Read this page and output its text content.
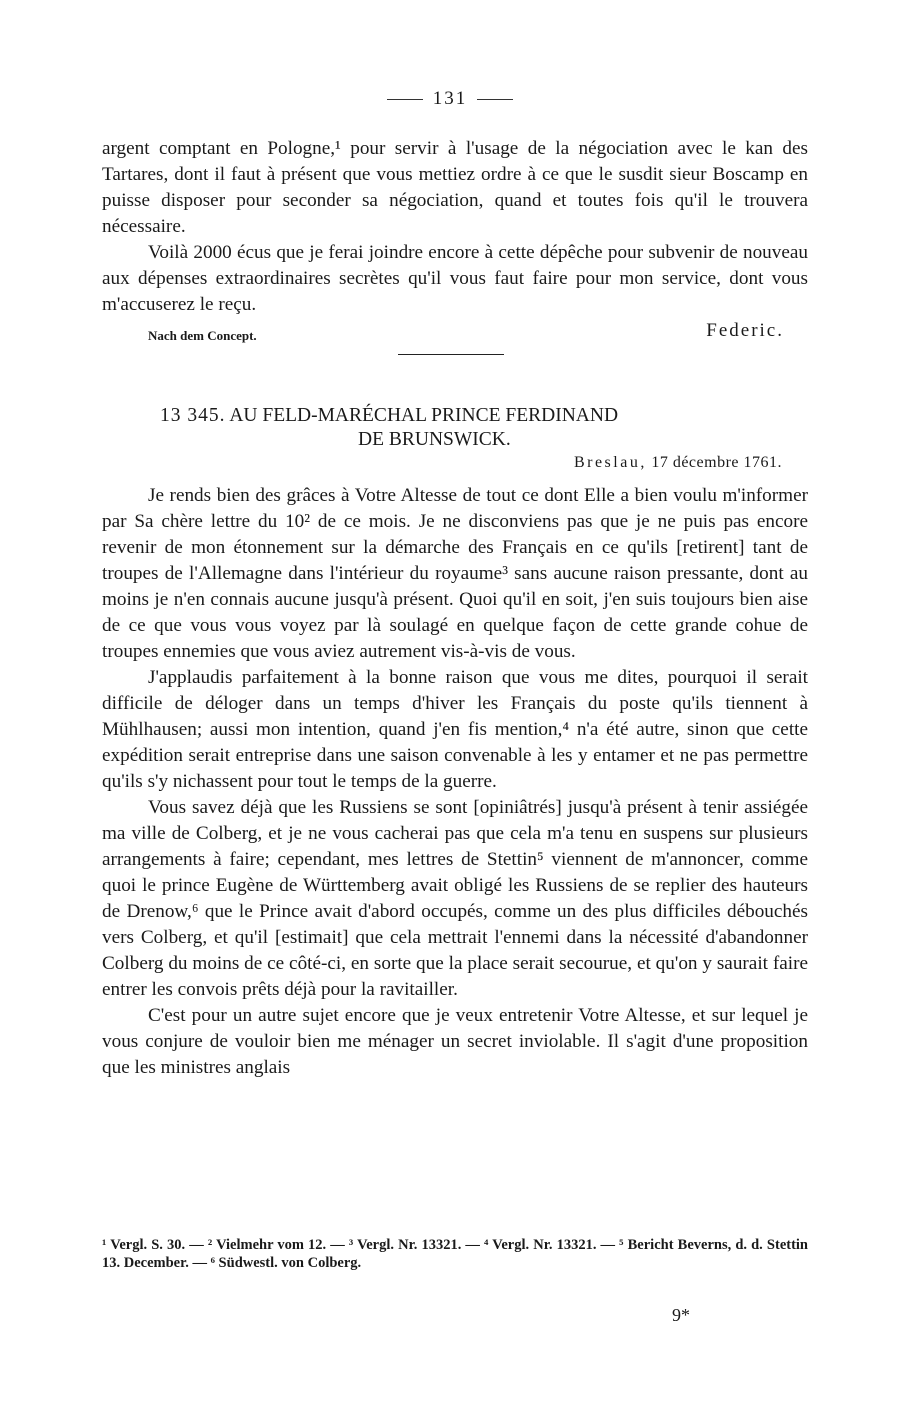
131

argent comptant en Pologne,¹ pour servir à l'usage de la négociation avec le kan des Tartares, dont il faut à présent que vous mettiez ordre à ce que le susdit sieur Boscamp en puisse disposer pour seconder sa négociation, quand et toutes fois qu'il le trouvera nécessaire.

Voilà 2000 écus que je ferai joindre encore à cette dépêche pour subvenir de nouveau aux dépenses extraordinaires secrètes qu'il vous faut faire pour mon service, dont vous m'accuserez le reçu.

Nach dem Concept.	Federic.
13 345. AU FELD-MARÉCHAL PRINCE FERDINAND
DE BRUNSWICK.
Breslau, 17 décembre 1761.

Je rends bien des grâces à Votre Altesse de tout ce dont Elle a bien voulu m'informer par Sa chère lettre du 10² de ce mois. Je ne disconviens pas que je ne puis pas encore revenir de mon étonnement sur la démarche des Français en ce qu'ils [retirent] tant de troupes de l'Allemagne dans l'intérieur du royaume³ sans aucune raison pressante, dont au moins je n'en connais aucune jusqu'à présent. Quoi qu'il en soit, j'en suis toujours bien aise de ce que vous vous voyez par là soulagé en quelque façon de cette grande cohue de troupes ennemies que vous aviez autrement vis-à-vis de vous.

J'applaudis parfaitement à la bonne raison que vous me dites, pourquoi il serait difficile de déloger dans un temps d'hiver les Français du poste qu'ils tiennent à Mühlhausen; aussi mon intention, quand j'en fis mention,⁴ n'a été autre, sinon que cette expédition serait entreprise dans une saison convenable à les y entamer et ne pas permettre qu'ils s'y nichassent pour tout le temps de la guerre.

Vous savez déjà que les Russiens se sont [opiniâtrés] jusqu'à présent à tenir assiégée ma ville de Colberg, et je ne vous cacherai pas que cela m'a tenu en suspens sur plusieurs arrangements à faire; cependant, mes lettres de Stettin⁵ viennent de m'annoncer, comme quoi le prince Eugène de Württemberg avait obligé les Russiens de se replier des hauteurs de Drenow,⁶ que le Prince avait d'abord occupés, comme un des plus difficiles débouchés vers Colberg, et qu'il [estimait] que cela mettrait l'ennemi dans la nécessité d'abandonner Colberg du moins de ce côté-ci, en sorte que la place serait secourue, et qu'on y saurait faire entrer les convois prêts déjà pour la ravitailler.

C'est pour un autre sujet encore que je veux entretenir Votre Altesse, et sur lequel je vous conjure de vouloir bien me ménager un secret inviolable. Il s'agit d'une proposition que les ministres anglais

¹ Vergl. S. 30. — ² Vielmehr vom 12. — ³ Vergl. Nr. 13321. — ⁴ Vergl. Nr. 13321. — ⁵ Bericht Beverns, d. d. Stettin 13. December. — ⁶ Südwestl. von Colberg.
9*
